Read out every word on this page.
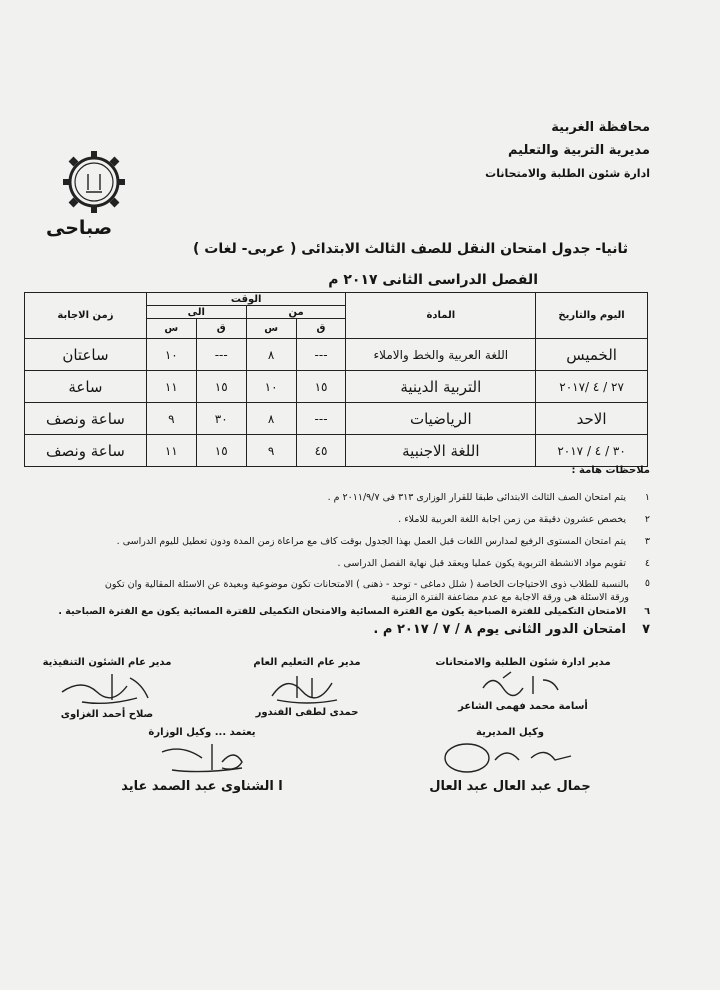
محافظة الغربية
مديرية التربية والتعليم
ادارة شئون الطلبة والامتحانات
صباحى
ثانيا- جدول امتحان النقل للصف الثالث الابتدائى ( عربى- لغات )
الفصل الدراسى الثانى ٢٠١٧ م
اليوم والتاريخ	المادة	الوقت				زمن الاجابة
		من		الى		
		ق	س	ق	س	
الخميس	اللغة العربية والخط والاملاء	---	٨	---	١٠	ساعتان
٢٧ / ٤ /٢٠١٧	التربية الدينية	١٥	١٠	١٥	١١	ساعة
الاحد	الرياضيات	---	٨	٣٠	٩	ساعة ونصف
٣٠ / ٤ / ٢٠١٧	اللغة الاجنبية	٤٥	٩	١٥	١١	ساعة ونصف
ملاحظات هامة :
١
يتم امتحان الصف الثالث الابتدائى طبقا للقرار الوزارى ٣١٣ فى ٢٠١١/٩/٧ م .
٢
يخصص عشرون دقيقة من زمن اجابة اللغة العربية للاملاء .
٣
يتم امتحان المستوى الرفيع لمدارس اللغات قبل العمل بهذا الجدول بوقت كاف مع مراعاة زمن المدة ودون تعطيل لليوم الدراسى .
٤
تقويم مواد الانشطة التربوية يكون عمليا ويعقد قبل نهاية الفصل الدراسى .
٥
بالنسبة للطلاب ذوى الاحتياجات الخاصة ( شلل دماغى - توحد - ذهنى ) الامتحانات تكون موضوعية وبعيدة عن الاسئلة المقالية وان تكون ورقة الاسئلة هى ورقة الاجابة مع عدم مضاعفة الفترة الزمنية
٦
الامتحان التكميلى للفترة الصباحية يكون مع الفترة المسائية والامتحان التكميلى للفترة المسائية يكون مع الفترة الصباحية .
٧
امتحان الدور الثانى يوم ٨ / ٧ / ٢٠١٧ م .
مدير ادارة شئون الطلبة والامتحانات
أسامة محمد فهمى الشاعر
مدير عام التعليم العام
حمدى لطفى الفندور
مدير عام الشئون التنفيذية
صلاح أحمد الغزاوى
وكيل المديرية
جمال عبد العال عبد العال
يعتمد ... وكيل الوزارة
ا الشناوى عبد الصمد عايد
